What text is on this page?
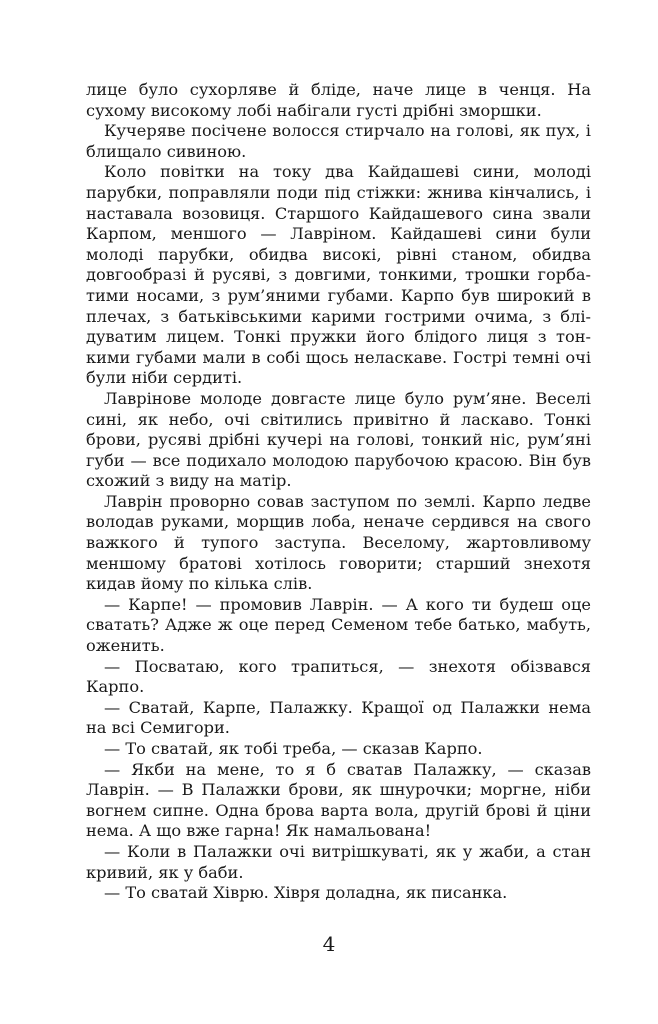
лице було сухорляве й бліде, наче лице в ченця. На сухому високому лобі набігали густі дрібні зморшки.

Кучеряве посічене волосся стирчало на голові, як пух, і блищало сивиною.

Коло повітки на току два Кайдашеві сини, молоді парубки, поправляли поди під стіжки: жнива кінчались, і наставала возовиця. Старшого Кайдашевого сина звали Карпом, меншого — Лавріном. Кайдашеві сини були молоді парубки, обидва високі, рівні станом, обидва довгообразі й русяві, з довгими, тонкими, трошки горбатими носами, з рум’яними губами. Карпо був широкий в плечах, з батьківськими карими гострими очима, з блідуватим лицем. Тонкі пружки його блідого лиця з тонкими губами мали в собі щось неласкаве. Гострі темні очі були ніби сердиті.

Лаврінове молоде довгасте лице було рум’яне. Веселі сині, як небо, очі світились привітно й ласкаво. Тонкі брови, русяві дрібні кучері на голові, тонкий ніс, рум’яні губи — все подихало молодою парубочою красою. Він був схожий з виду на матір.

Лаврін проворно совав заступом по землі. Карпо ледве володав руками, морщив лоба, неначе сердився на свого важкого й тупого заступа. Веселому, жартовливому меншому братові хотілось говорити; старший знехотя кидав йому по кілька слів.

— Карпе! — промовив Лаврін. — А кого ти будеш оце сватать? Адже ж оце перед Семеном тебе батько, мабуть, оженить.

— Посватаю, кого трапиться, — знехотя обізвався Карпо.

— Сватай, Карпе, Палажку. Кращої од Палажки нема на всі Семигори.

— То сватай, як тобі треба, — сказав Карпо.

— Якби на мене, то я б сватав Палажку, — сказав Лаврін. — В Палажки брови, як шнурочки; моргне, ніби вогнем сипне. Одна брова варта вола, другій брові й ціни нема. А що вже гарна! Як намальована!

— Коли в Палажки очі витрішкуваті, як у жаби, а стан кривий, як у баби.

— То сватай Хіврю. Хівря доладна, як писанка.

4
